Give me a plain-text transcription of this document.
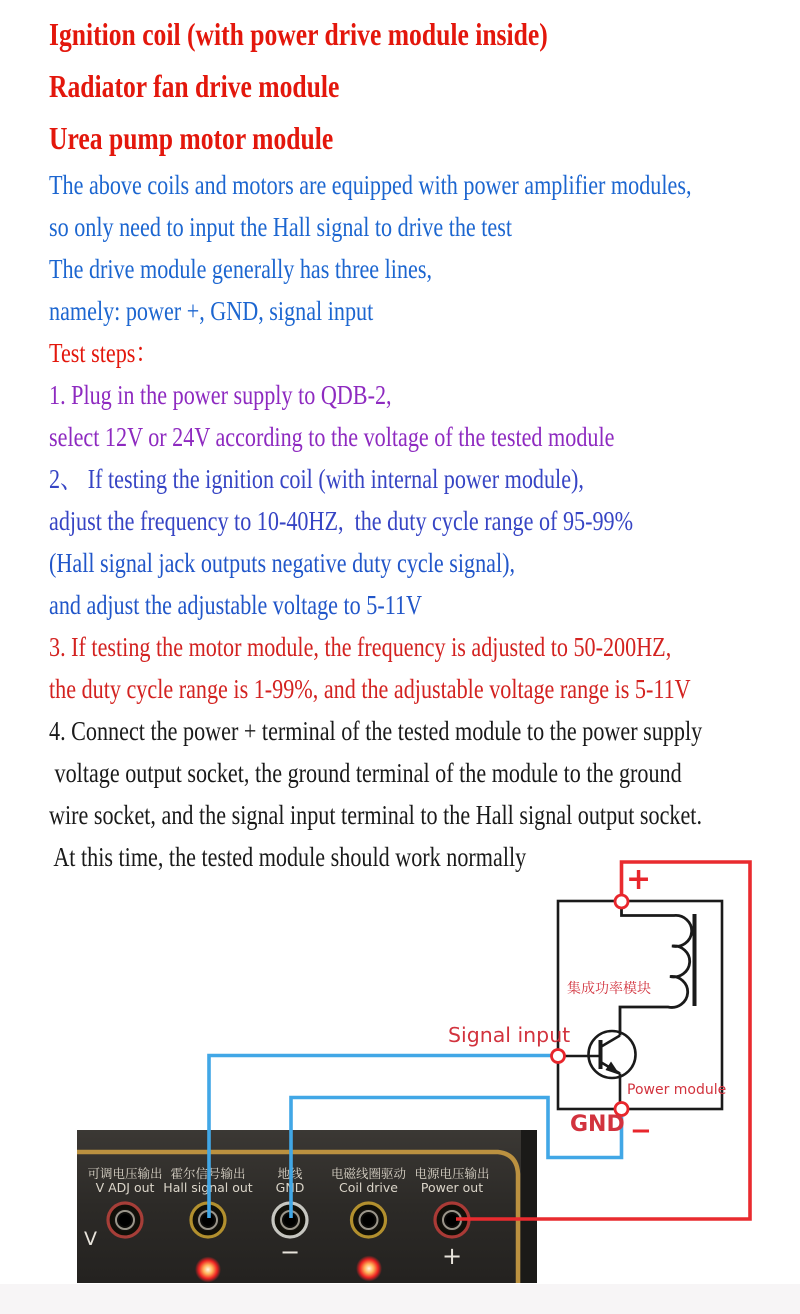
Ignition coil (with power drive module inside)
Radiator fan drive module
Urea pump motor module
The above coils and motors are equipped with power amplifier modules,
so only need to input the Hall signal to drive the test
The drive module generally has three lines,
namely: power +, GND, signal input
Test steps：
1. Plug in the power supply to QDB-2,
select 12V or 24V according to the voltage of the tested module
2、 If testing the ignition coil (with internal power module),
adjust the frequency to 10-40HZ,  the duty cycle range of 95-99%
(Hall signal jack outputs negative duty cycle signal),
and adjust the adjustable voltage to 5-11V
3. If testing the motor module, the frequency is adjusted to 50-200HZ,
the duty cycle range is 1-99%, and the adjustable voltage range is 5-11V
4. Connect the power + terminal of the tested module to the power supply
voltage output socket, the ground terminal of the module to the ground
wire socket, and the signal input terminal to the Hall signal output socket.
At this time, the tested module should work normally
可调电压输出
V ADJ out
霍尔信号输出
Hall signal out
地线
GND
电磁线圈驱动
Coil drive
电源电压输出
Power out
V	−	+
+
−
集成功率模块
Power module
Signal input
GND
